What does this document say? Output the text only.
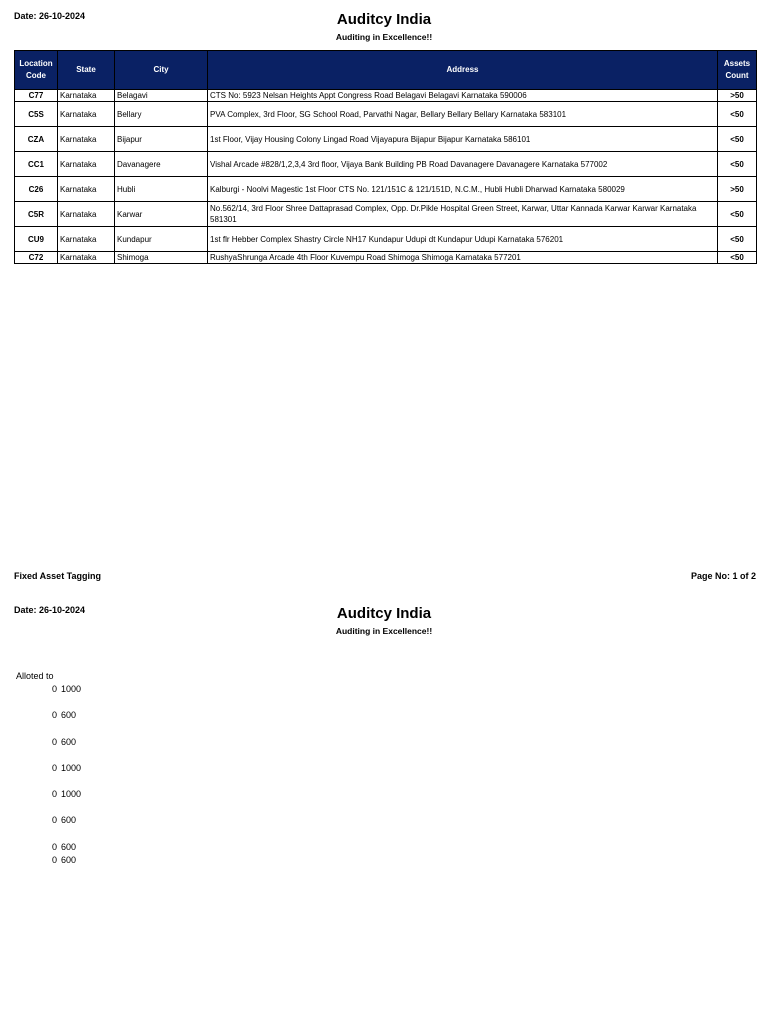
Date: 26-10-2024	Auditcy India
Auditing in Excellence!!
Location Code	State	City	Address	Assets Count
C77	Karnataka	Belagavi	CTS No: 5923 Nelsan Heights Appt Congress Road Belagavi Belagavi Karnataka 590006	>50
C5S	Karnataka	Bellary	PVA Complex, 3rd Floor, SG School Road, Parvathi Nagar, Bellary Bellary Bellary Karnataka 583101	<50
CZA	Karnataka	Bijapur	1st Floor, Vijay Housing Colony Lingad Road Vijayapura Bijapur Bijapur Karnataka 586101	<50
CC1	Karnataka	Davanagere	Vishal Arcade #828/1,2,3,4 3rd floor, Vijaya Bank Building PB Road Davanagere Davanagere Karnataka 577002	<50
C26	Karnataka	Hubli	Kalburgi - Noolvi Magestic 1st Floor CTS No. 121/151C & 121/151D, N.C.M., Hubli Hubli Dharwad Karnataka 580029	>50
C5R	Karnataka	Karwar	No.562/14, 3rd Floor Shree Dattaprasad Complex, Opp. Dr.Pikle Hospital Green Street, Karwar, Uttar Kannada Karwar Karwar Karnataka 581301	<50
CU9	Karnataka	Kundapur	1st flr Hebber Complex Shastry Circle NH17 Kundapur Udupi dt Kundapur Udupi Karnataka 576201	<50
C72	Karnataka	Shimoga	RushyaShrunga Arcade 4th Floor Kuvempu Road Shimoga Shimoga Karnataka 577201	<50
Fixed Asset Tagging	Page No: 1 of 2
Date: 26-10-2024	Auditcy India
Auditing in Excellence!!
Alloted to
0 1000
0 600
0 600
0 1000
0 1000
0 600
0 600
0 600
